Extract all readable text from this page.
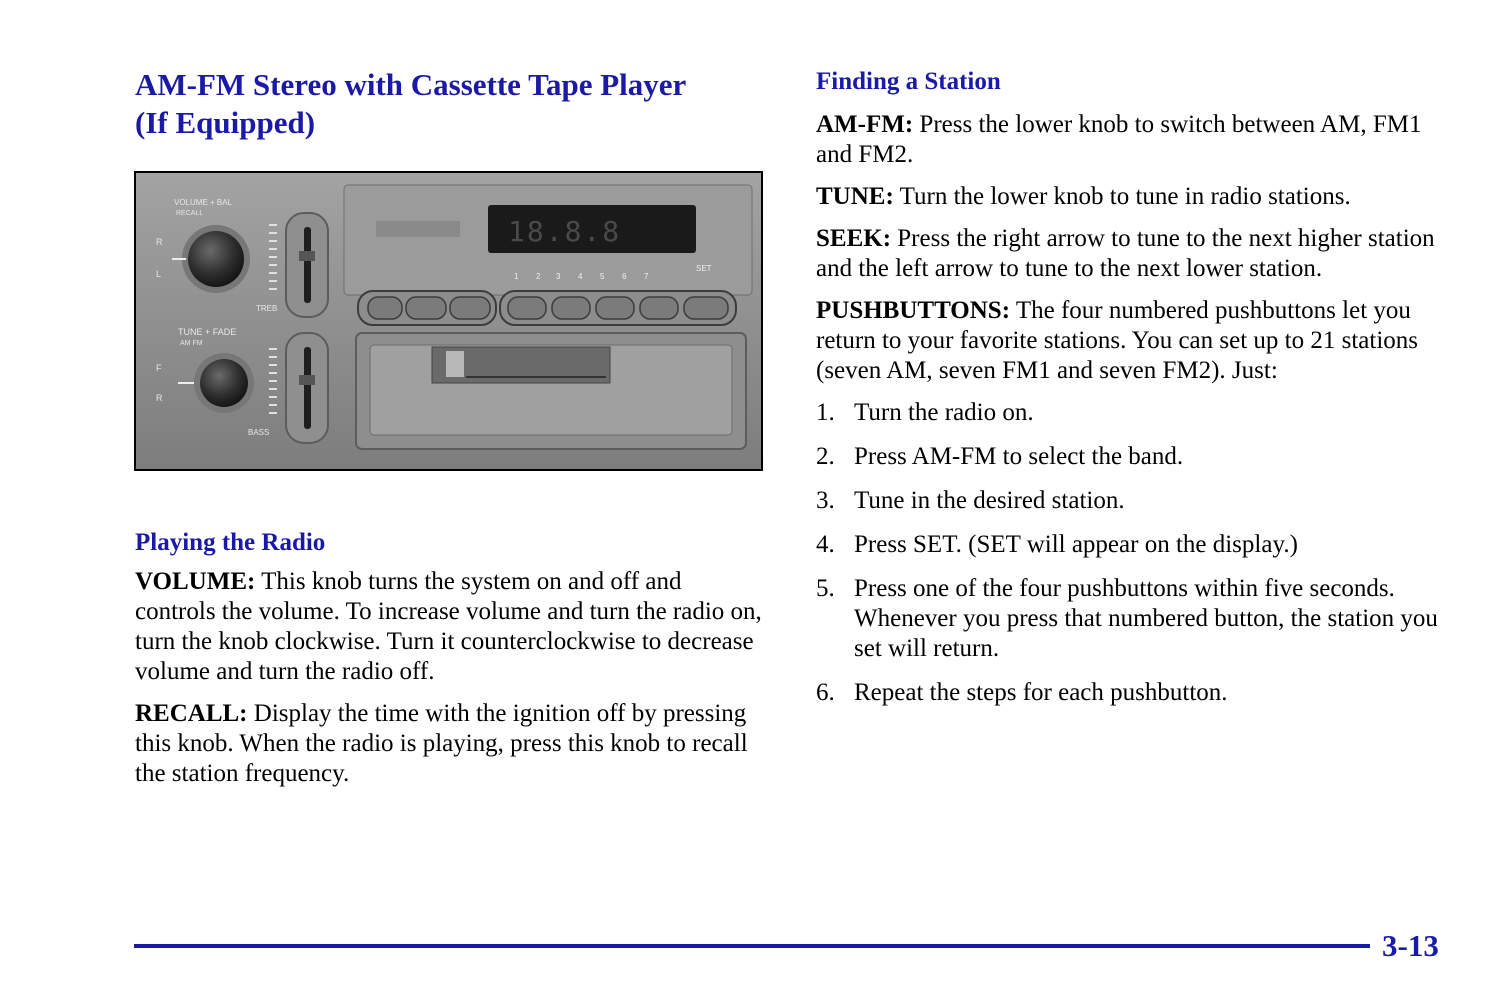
AM-FM Stereo with Cassette Tape Player
(If Equipped)
VOLUME + BAL
RECALL
R
L
TUNE + FADE
AM FM
F
R
TREB
BASS
18.8.8
1 2 3 4 5 6 7
SET
Playing the Radio

VOLUME: This knob turns the system on and off and controls the volume. To increase volume and turn the radio on, turn the knob clockwise. Turn it counterclockwise to decrease volume and turn the radio off.

RECALL: Display the time with the ignition off by pressing this knob. When the radio is playing, press this knob to recall the station frequency.

Finding a Station

AM-FM: Press the lower knob to switch between AM, FM1 and FM2.

TUNE: Turn the lower knob to tune in radio stations.

SEEK: Press the right arrow to tune to the next higher station and the left arrow to tune to the next lower station.

PUSHBUTTONS: The four numbered pushbuttons let you return to your favorite stations. You can set up to 21 stations (seven AM, seven FM1 and seven FM2). Just:

1. Turn the radio on.
2. Press AM-FM to select the band.
3. Tune in the desired station.
4. Press SET. (SET will appear on the display.)
5. Press one of the four pushbuttons within five seconds. Whenever you press that numbered button, the station you set will return.
6. Repeat the steps for each pushbutton.
3-13
